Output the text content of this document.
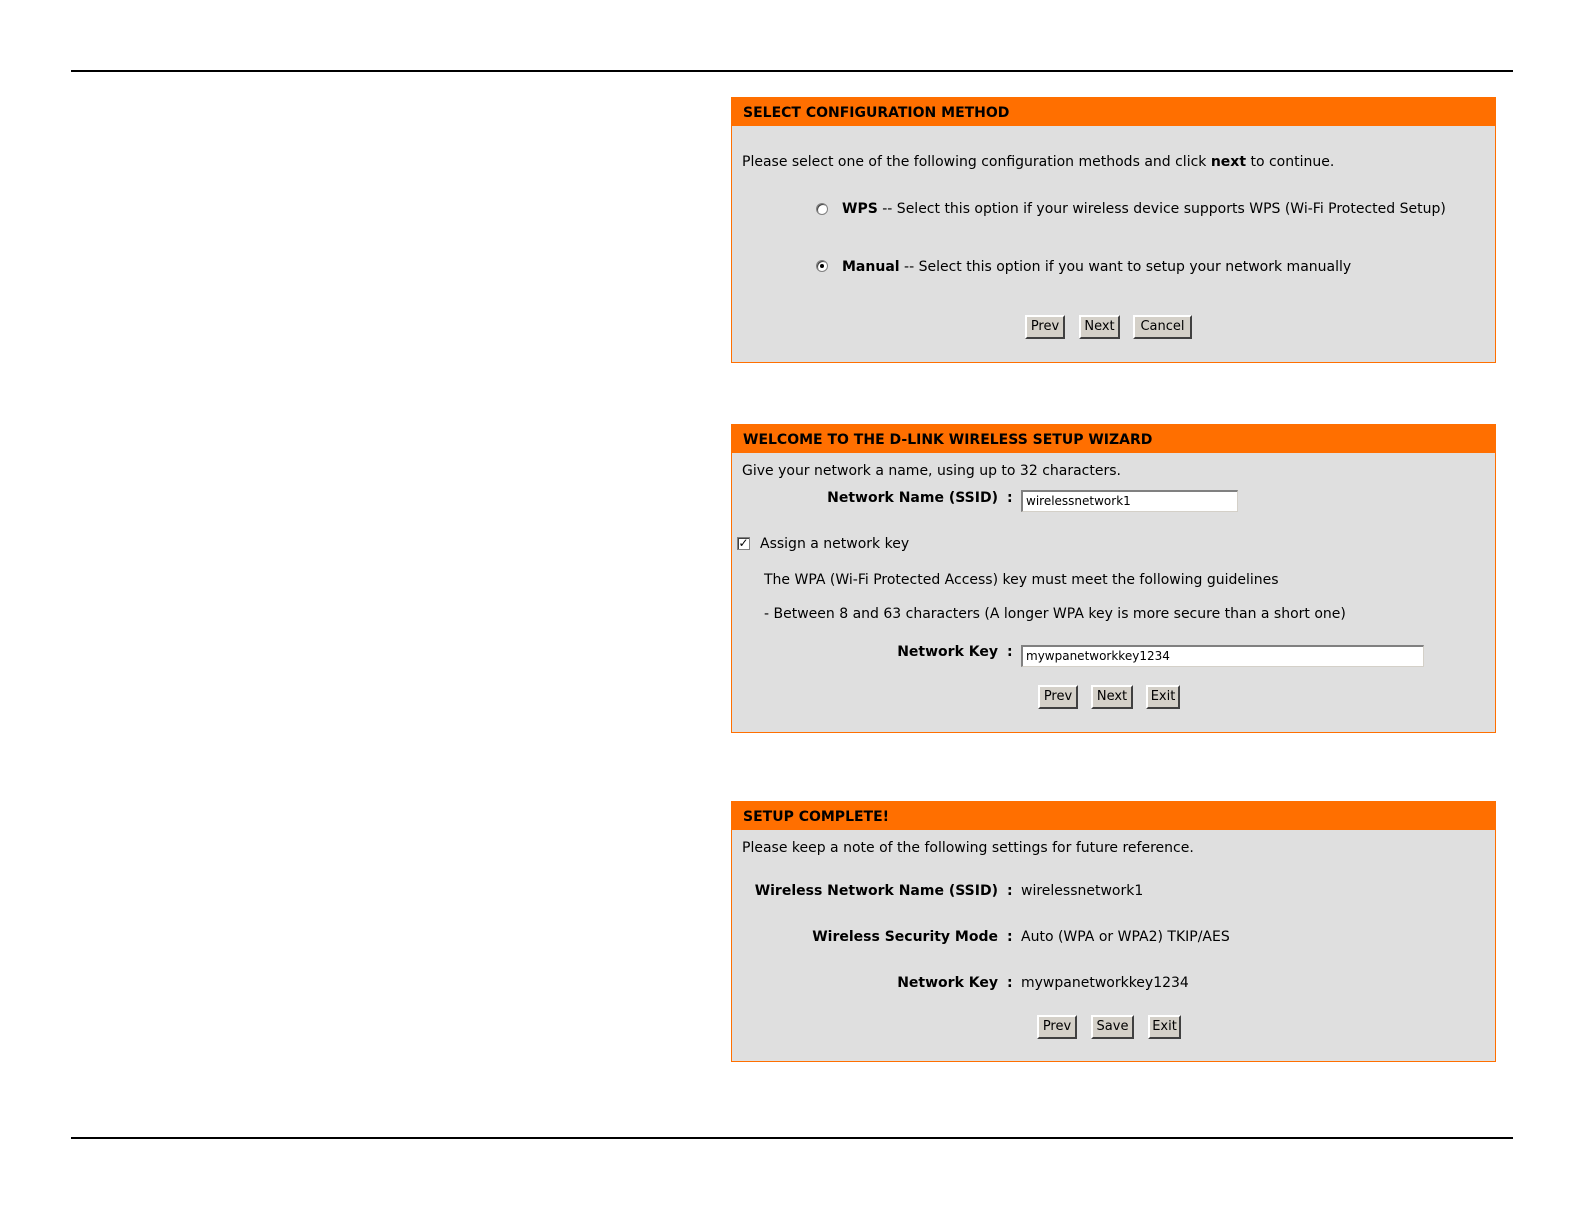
SELECT CONFIGURATION METHOD
Please select one of the following configuration methods and click next to continue.
WPS -- Select this option if your wireless device supports WPS (Wi-Fi Protected Setup)
Manual -- Select this option if you want to setup your network manually
Prev	Next	Cancel
WELCOME TO THE D-LINK WIRELESS SETUP WIZARD
Give your network a name, using up to 32 characters.
Network Name (SSID) :	wirelessnetwork1
✓ Assign a network key
The WPA (Wi-Fi Protected Access) key must meet the following guidelines
- Between 8 and 63 characters (A longer WPA key is more secure than a short one)
Network Key :	mywpanetworkkey1234
Prev	Next	Exit
SETUP COMPLETE!
Please keep a note of the following settings for future reference.
Wireless Network Name (SSID) : wirelessnetwork1
Wireless Security Mode : Auto (WPA or WPA2) TKIP/AES
Network Key : mywpanetworkkey1234
Prev	Save	Exit
